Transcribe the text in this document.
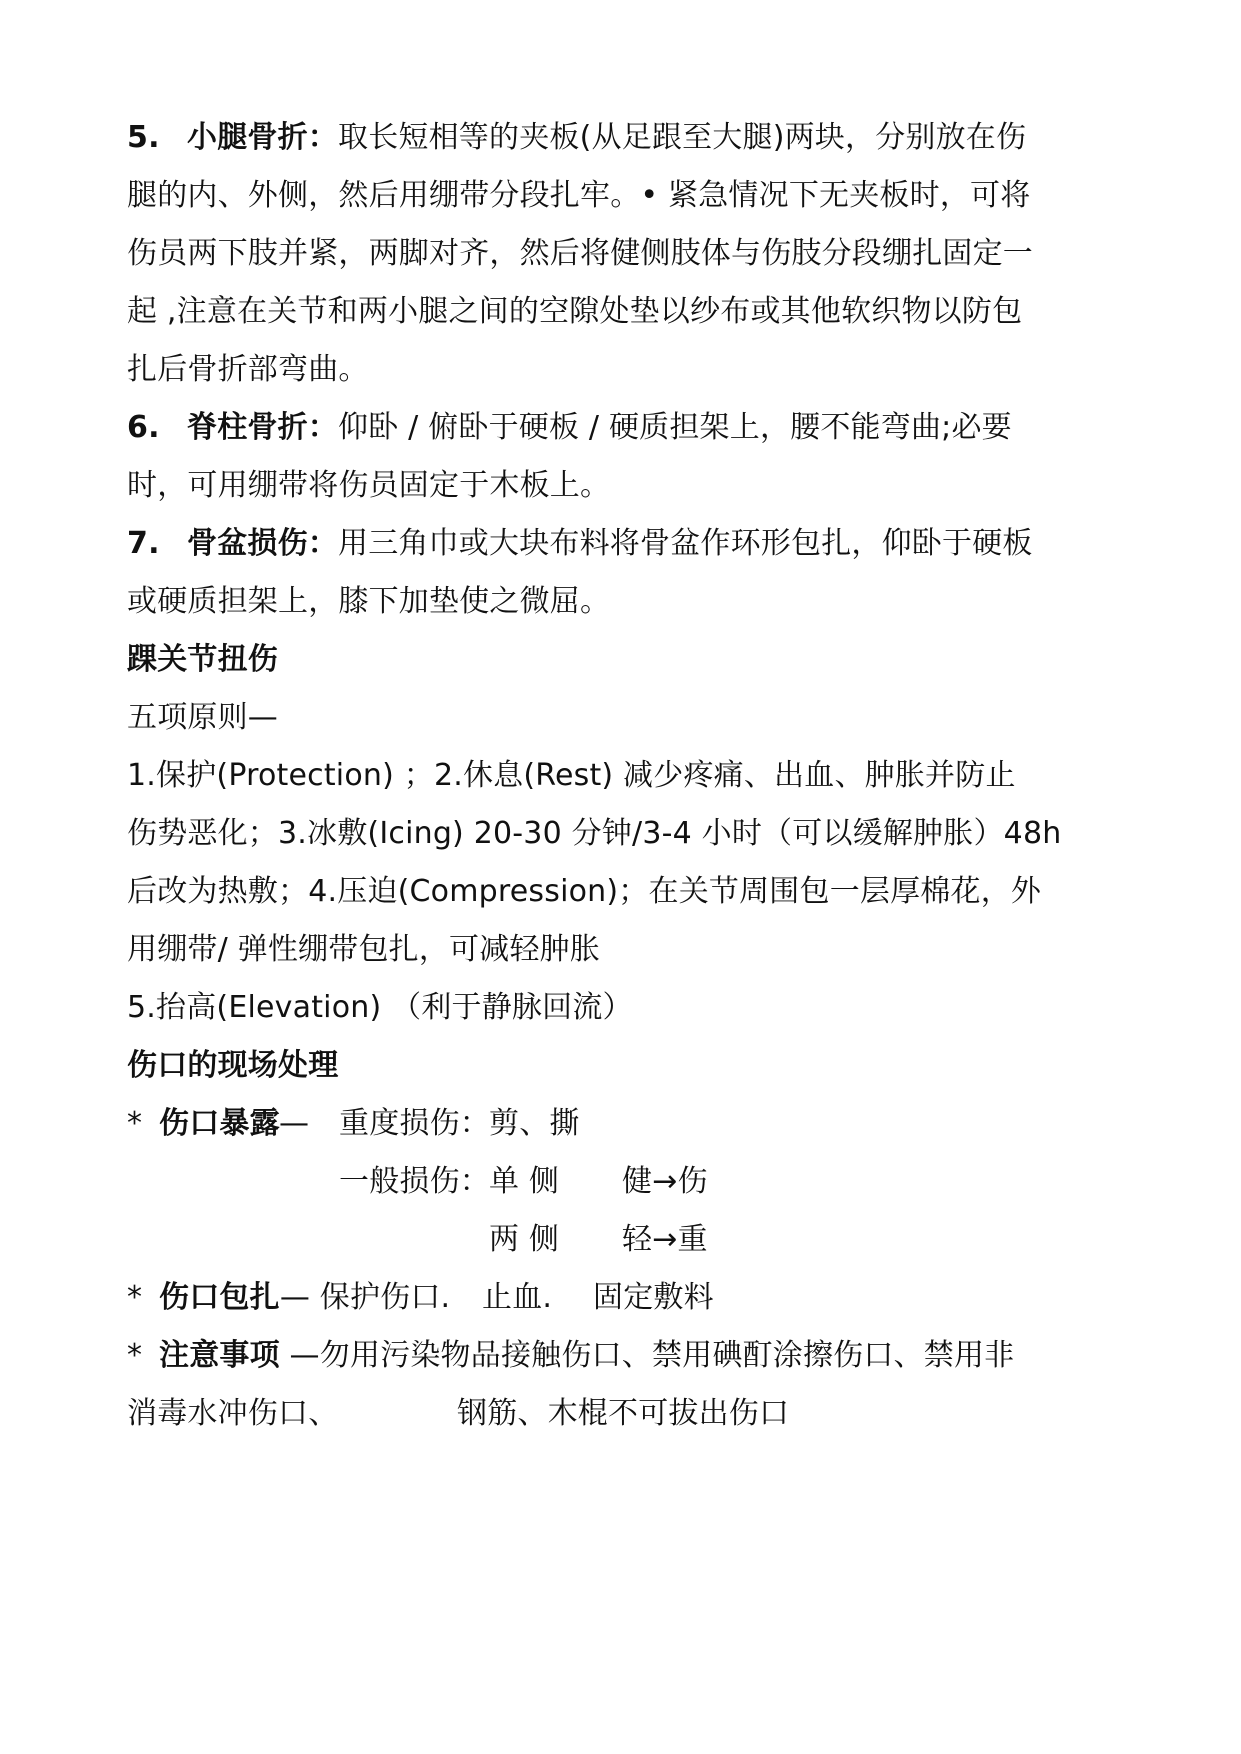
5. 小腿骨折：取长短相等的夹板(从足跟至大腿)两块，分别放在伤
腿的内、外侧，然后用绷带分段扎牢。• 紧急情况下无夹板时，可将
伤员两下肢并紧，两脚对齐，然后将健侧肢体与伤肢分段绷扎固定一
起 ,注意在关节和两小腿之间的空隙处垫以纱布或其他软织物以防包
扎后骨折部弯曲。
6. 脊柱骨折：仰卧 / 俯卧于硬板 / 硬质担架上，腰不能弯曲;必要
时，可用绷带将伤员固定于木板上。
7. 骨盆损伤：用三角巾或大块布料将骨盆作环形包扎，仰卧于硬板
或硬质担架上，膝下加垫使之微屈。
踝关节扭伤
五项原则—
1.保护(Protection) ；2.休息(Rest) 减少疼痛、出血、肿胀并防止
伤势恶化；3.冰敷(Icing) 20-30 分钟/3-4 小时（可以缓解肿胀）48h
后改为热敷；4.压迫(Compression)；在关节周围包一层厚棉花，外
用绷带/ 弹性绷带包扎，可减轻肿胀
5.抬高(Elevation) （利于静脉回流）
伤口的现场处理
* 伤口暴露 — 重度损伤： 剪、撕
一般损伤： 单 侧 健→伤
两 侧 轻→重
* 伤口包扎— 保护伤口. 止血. 固定敷料
* 注意事项 —勿用污染物品接触伤口、禁用碘酊涂擦伤口、禁用非
消毒水冲伤口、	钢筋、木棍不可拔出伤口
